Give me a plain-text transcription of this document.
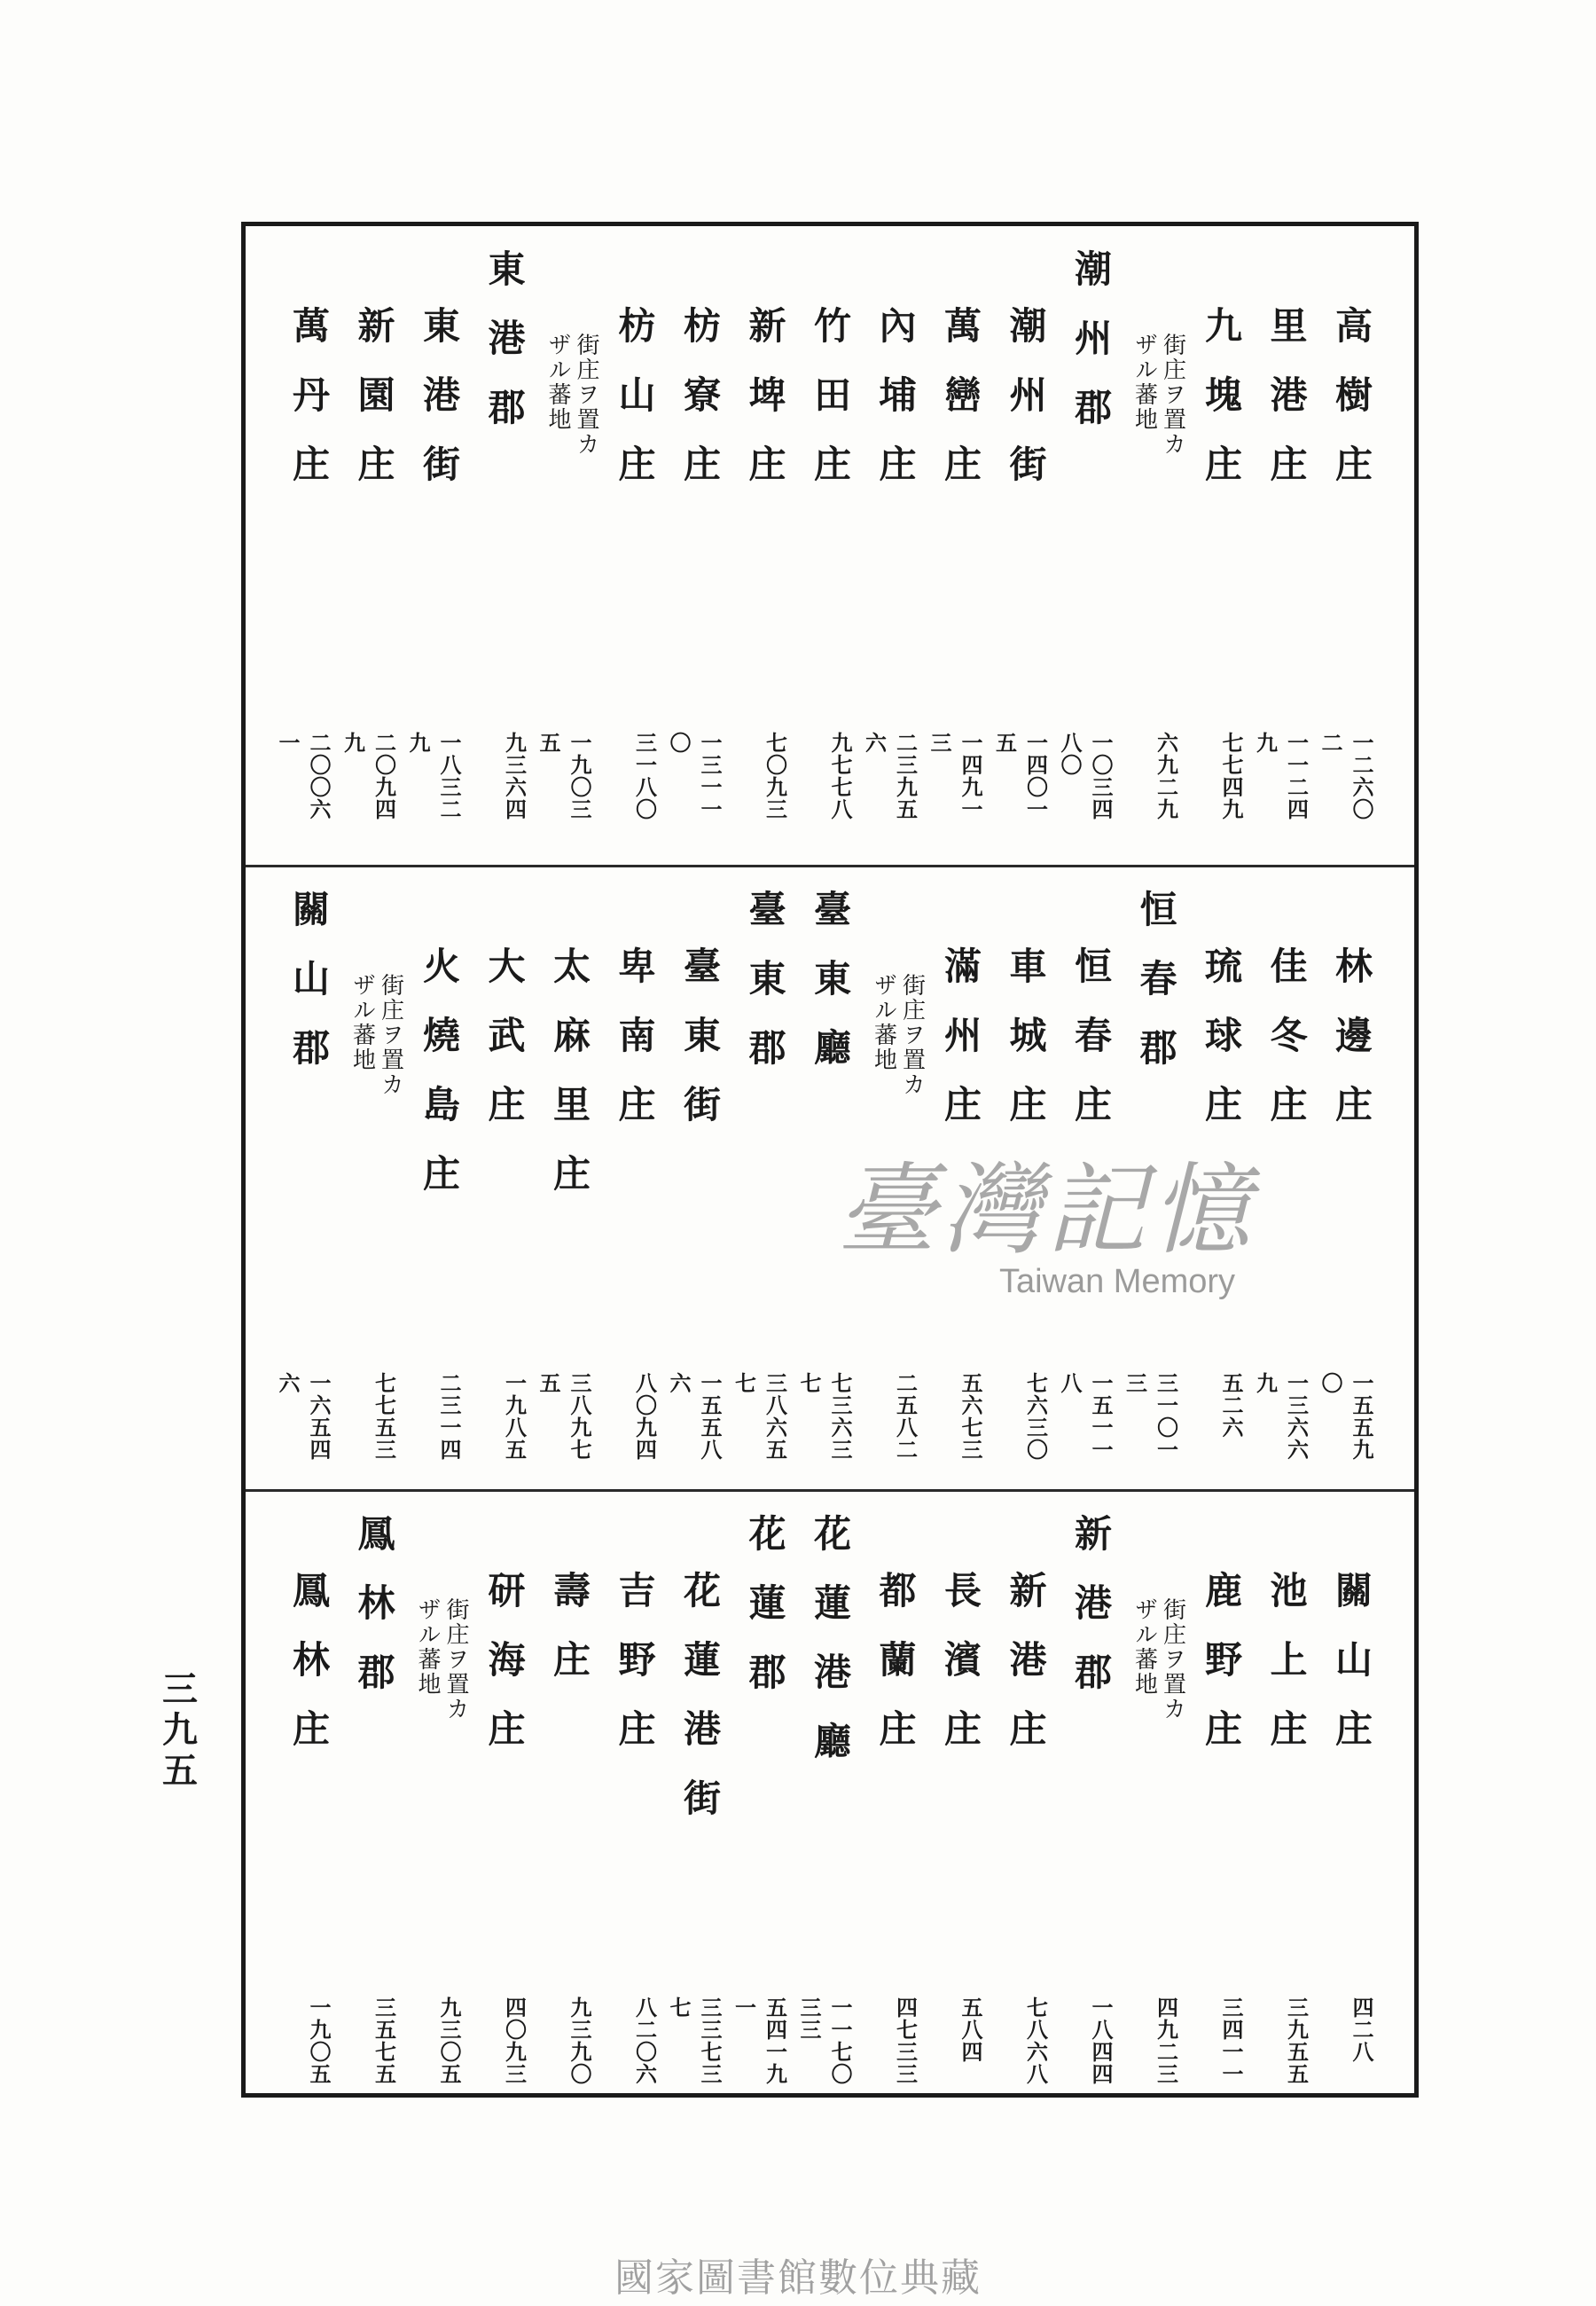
高樹庄
一二六〇二
里港庄
一一二四九
九塊庄
七七四九
街庄ヲ置カ
ザル蕃地
六九二九
潮州郡
一〇三四八〇
潮州街
一四〇一五
萬巒庄
一四九一三
內埔庄
二三九五六
竹田庄
九七七八
新埤庄
七〇九三
枋寮庄
一三一一〇
枋山庄
三一八〇
街庄ヲ置カ
ザル蕃地
一九〇三五
東港郡
九三六四
東港街
一八三二九
新園庄
二〇九四九
萬丹庄
二〇〇六一
林邊庄
一五五九〇
佳冬庄
一三六六九
琉球庄
五二六
恒春郡
三一〇一三
恒春庄
一五一一八
車城庄
七六三〇
滿州庄
五六七三
街庄ヲ置カ
ザル蕃地
二五八二
臺東廳
七三六三七
臺東郡
三八六五七
臺東街
一五五八六
卑南庄
八〇九四
太麻里庄
三八九七五
大武庄
一九八五
火燒島庄
二三一四
街庄ヲ置カ
ザル蕃地
七七五三
關山郡
一六五四六
關山庄
四二八
池上庄
三九五五
鹿野庄
三四一一
街庄ヲ置カ
ザル蕃地
四九二三
新港郡
一八四四
新港庄
七八六八
長濱庄
五八四
都蘭庄
四七三三
花蓮港廳
一一七〇三三
花蓮郡
五四一九一
花蓮港街
三三七三七
吉野庄
八二〇六
壽庄
九三九〇
研海庄
四〇九三
街庄ヲ置カ
ザル蕃地
九三〇五
鳳林郡
三五七五
鳳林庄
一九〇五
三九五
臺灣記憶
Taiwan Memory
國家圖書館數位典藏
